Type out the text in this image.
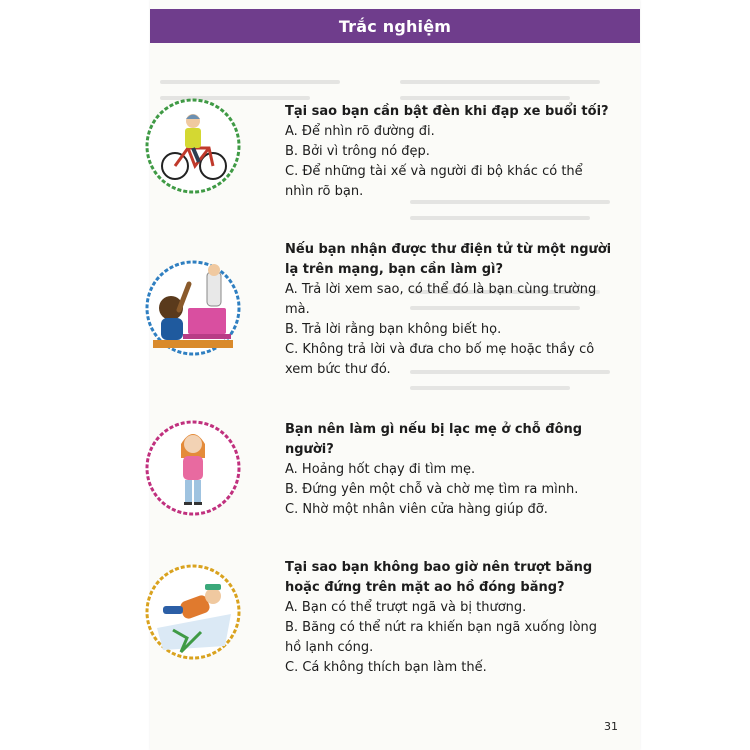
Trắc nghiệm
Tại sao bạn cần bật đèn khi đạp xe buổi tối?
A. Để nhìn rõ đường đi.
B. Bởi vì trông nó đẹp.
C. Để những tài xế và người đi bộ khác có thể nhìn rõ bạn.
Nếu bạn nhận được thư điện tử từ một người lạ trên mạng, bạn cần làm gì?
A. Trả lời xem sao, có thể đó là bạn cùng trường mà.
B. Trả lời rằng bạn không biết họ.
C. Không trả lời và đưa cho bố mẹ hoặc thầy cô xem bức thư đó.
Bạn nên làm gì nếu bị lạc mẹ ở chỗ đông người?
A. Hoảng hốt chạy đi tìm mẹ.
B. Đứng yên một chỗ và chờ mẹ tìm ra mình.
C. Nhờ một nhân viên cửa hàng giúp đỡ.
Tại sao bạn không bao giờ nên trượt băng hoặc đứng trên mặt ao hồ đóng băng?
A. Bạn có thể trượt ngã và bị thương.
B. Băng có thể nứt ra khiến bạn ngã xuống lòng hồ lạnh cóng.
C. Cá không thích bạn làm thế.
31
